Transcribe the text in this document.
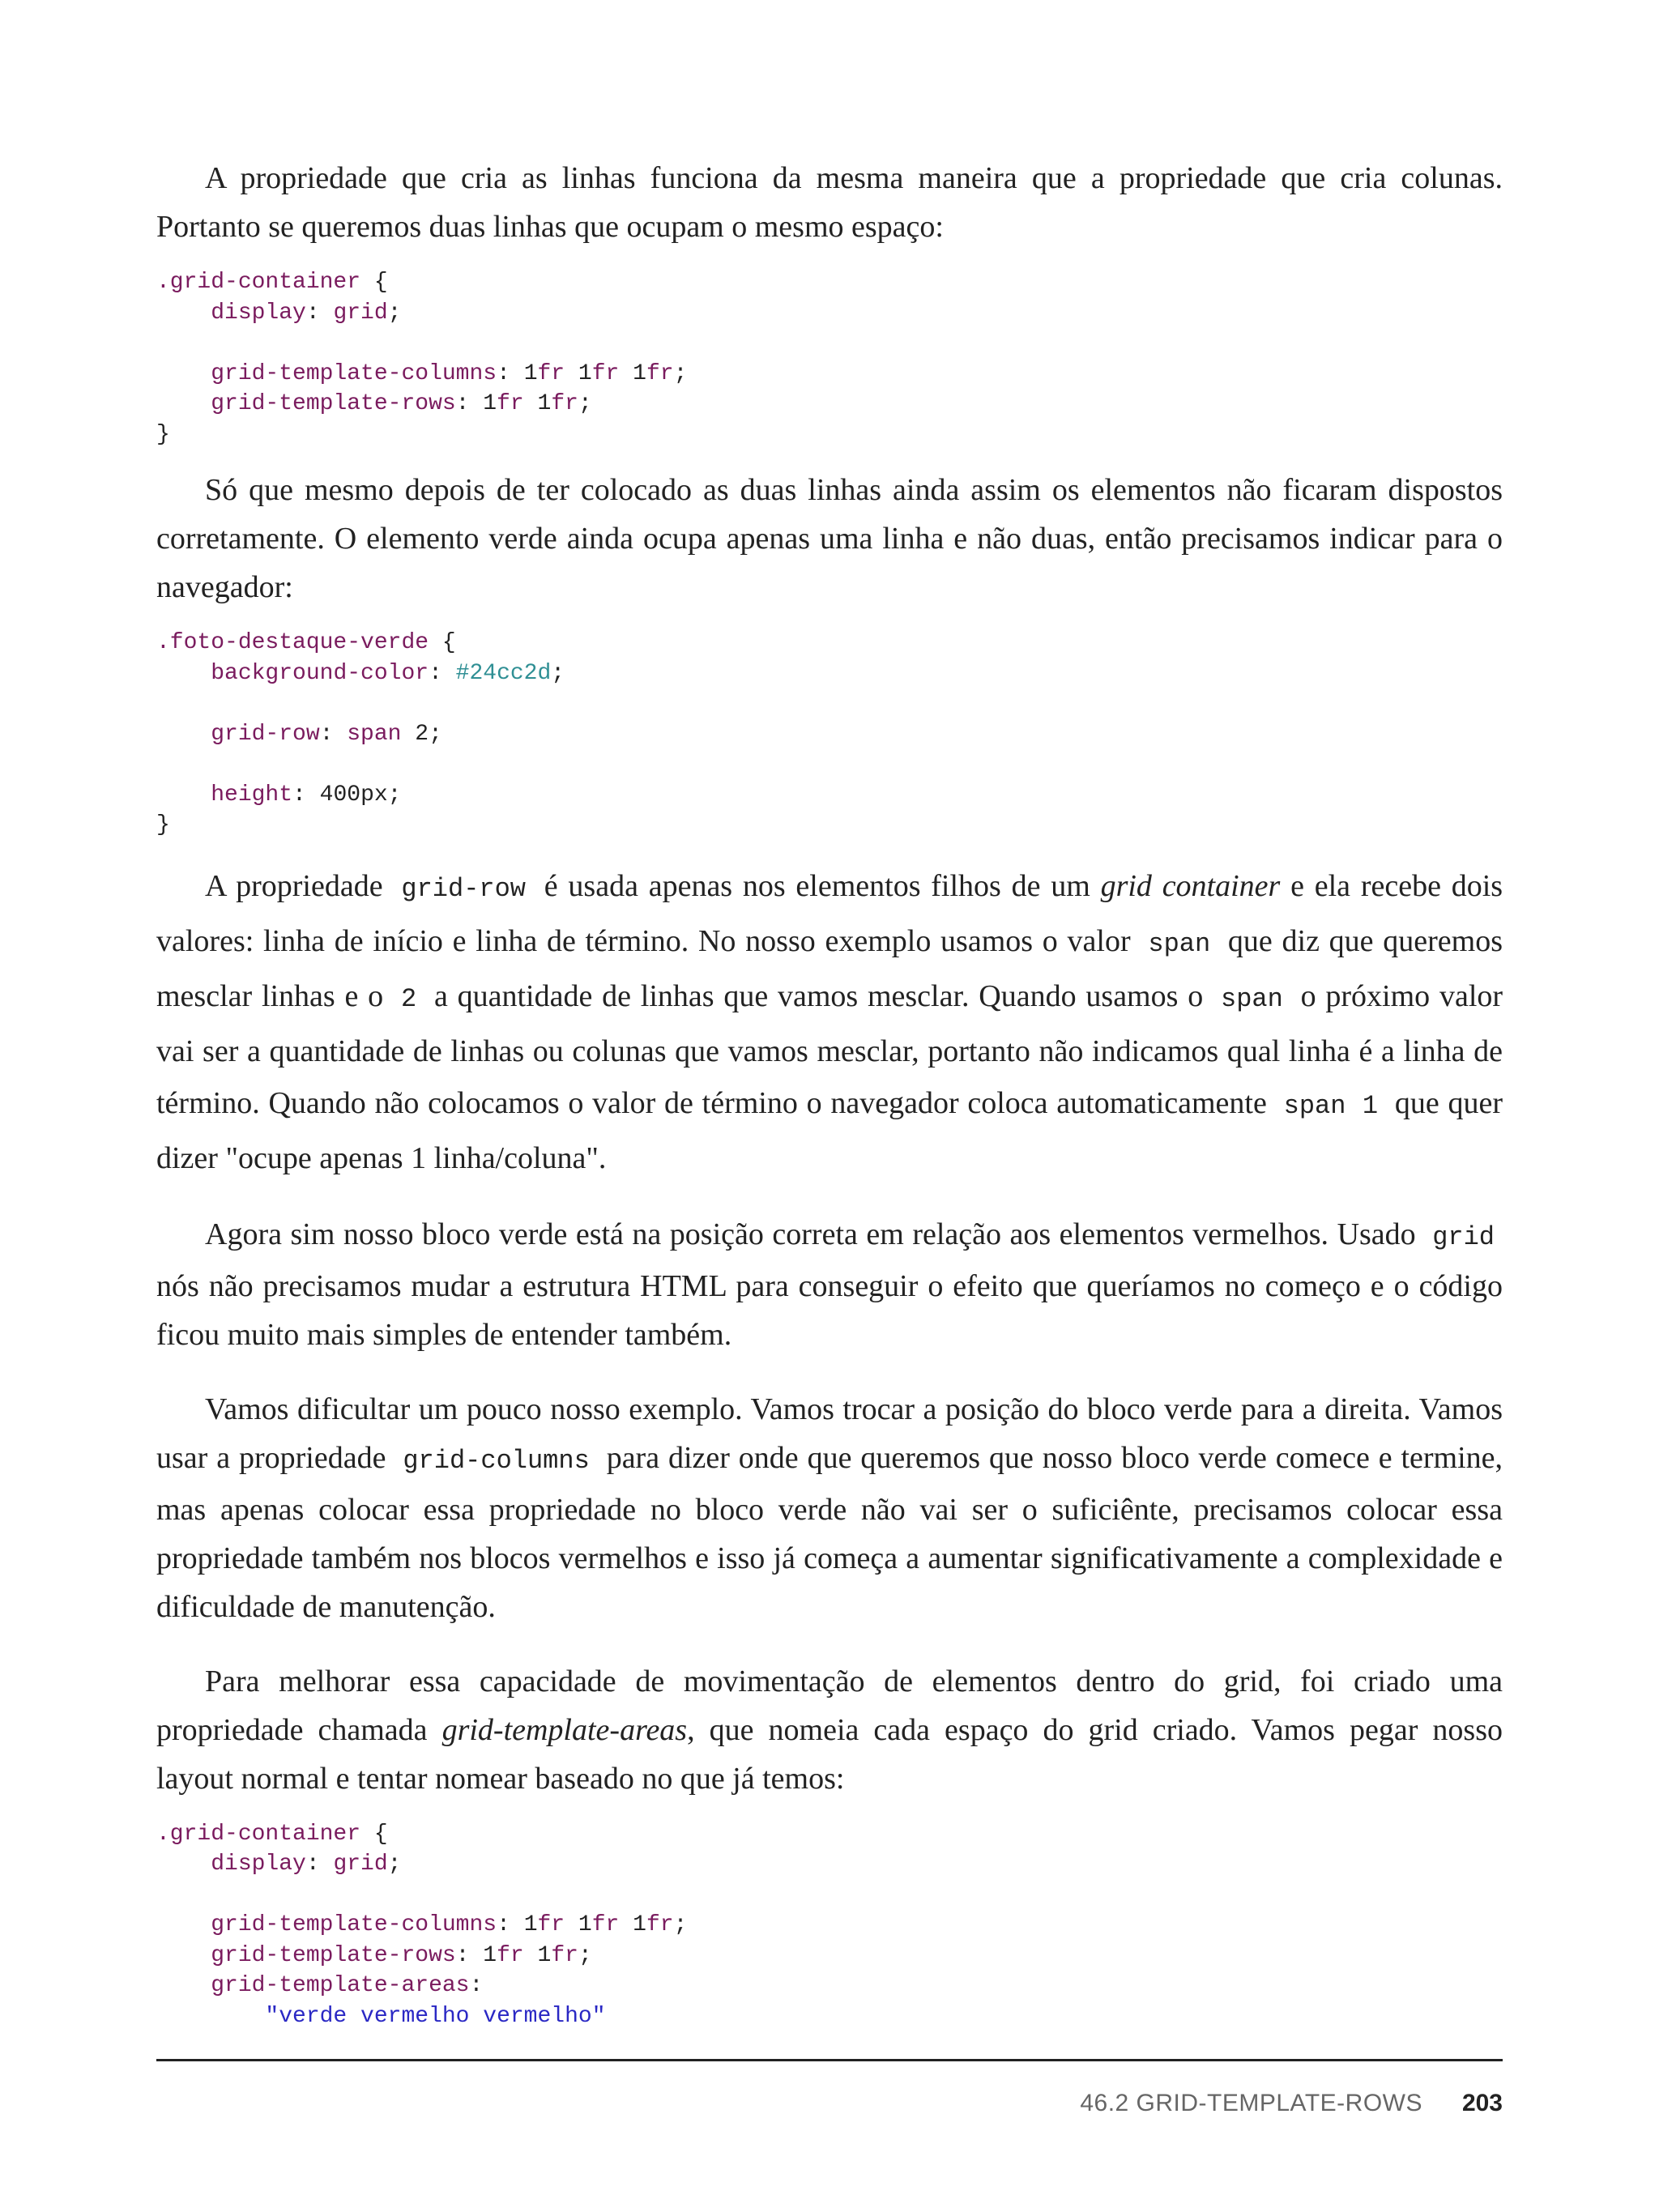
A propriedade que cria as linhas funciona da mesma maneira que a propriedade que cria colunas. Portanto se queremos duas linhas que ocupam o mesmo espaço:

.grid-container {
display: grid;

grid-template-columns: 1fr 1fr 1fr;
grid-template-rows: 1fr 1fr;
}

Só que mesmo depois de ter colocado as duas linhas ainda assim os elementos não ficaram dispostos corretamente. O elemento verde ainda ocupa apenas uma linha e não duas, então precisamos indicar para o navegador:

.foto-destaque-verde {
background-color: #24cc2d;

grid-row: span 2;

height: 400px;
}

A propriedade grid-row é usada apenas nos elementos filhos de um grid container e ela recebe dois valores: linha de início e linha de término. No nosso exemplo usamos o valor span que diz que queremos mesclar linhas e o 2 a quantidade de linhas que vamos mesclar. Quando usamos o span o próximo valor vai ser a quantidade de linhas ou colunas que vamos mesclar, portanto não indicamos qual linha é a linha de término. Quando não colocamos o valor de término o navegador coloca automaticamente span 1 que quer dizer "ocupe apenas 1 linha/coluna".

Agora sim nosso bloco verde está na posição correta em relação aos elementos vermelhos. Usado grid nós não precisamos mudar a estrutura HTML para conseguir o efeito que queríamos no começo e o código ficou muito mais simples de entender também.

Vamos dificultar um pouco nosso exemplo. Vamos trocar a posição do bloco verde para a direita. Vamos usar a propriedade grid-columns para dizer onde que queremos que nosso bloco verde comece e termine, mas apenas colocar essa propriedade no bloco verde não vai ser o suficiênte, precisamos colocar essa propriedade também nos blocos vermelhos e isso já começa a aumentar significativamente a complexidade e dificuldade de manutenção.

Para melhorar essa capacidade de movimentação de elementos dentro do grid, foi criado uma propriedade chamada grid-template-areas, que nomeia cada espaço do grid criado. Vamos pegar nosso layout normal e tentar nomear baseado no que já temos:

.grid-container {
display: grid;

grid-template-columns: 1fr 1fr 1fr;
grid-template-rows: 1fr 1fr;
grid-template-areas:
"verde vermelho vermelho"
46.2 GRID-TEMPLATE-ROWS 203
